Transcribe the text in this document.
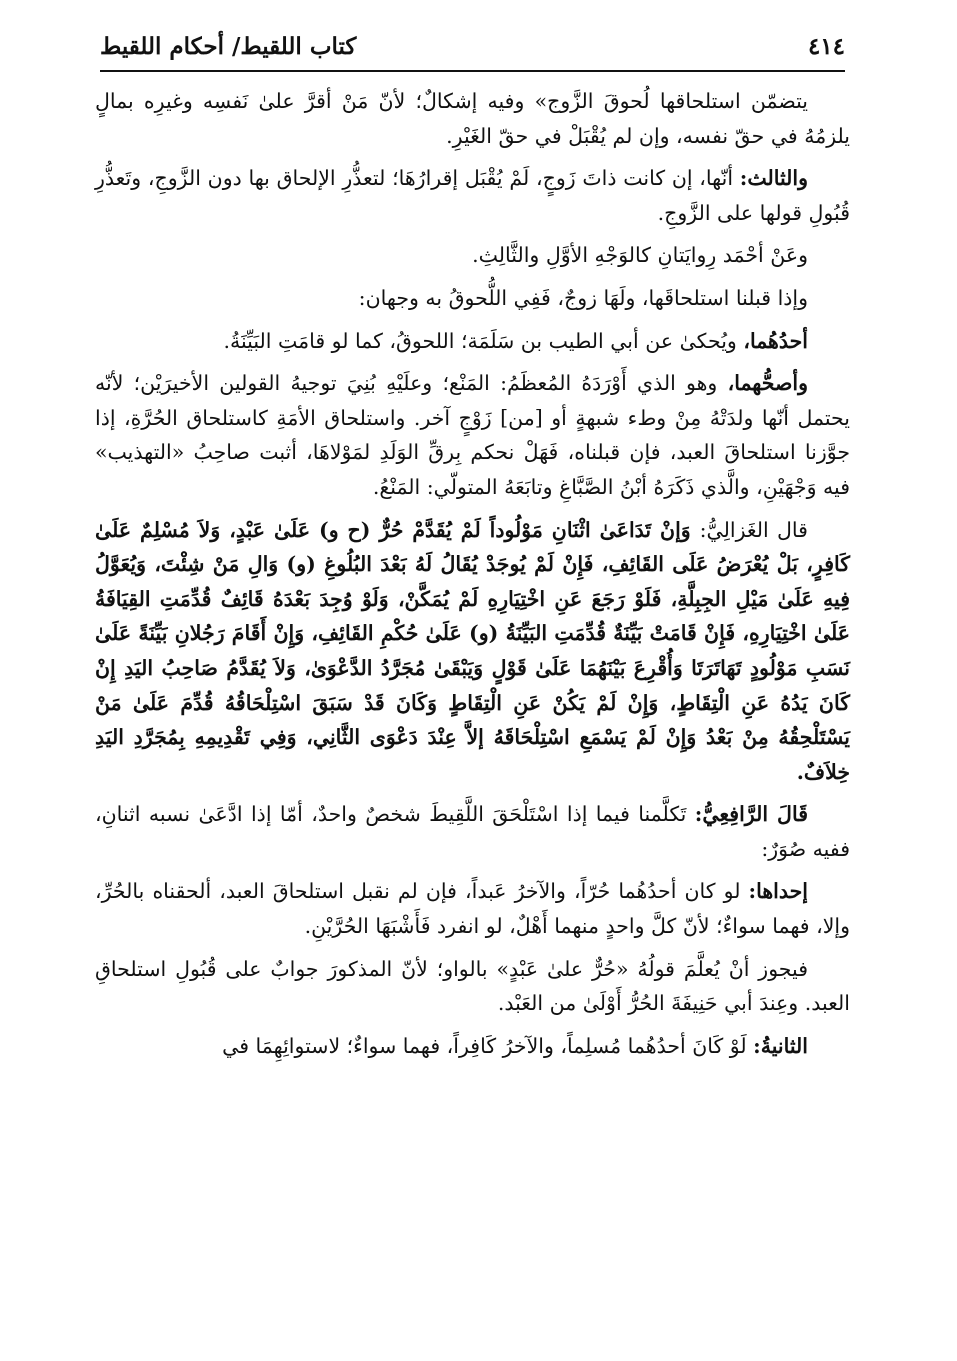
٤١٤
كتاب اللقيط/ أحكام اللقيط

يتضمّن استلحاقها لُحوقَ الزَّوج» وفيه إشكالٌ؛ لأنّ مَنْ أقرَّ علىٰ نَفسِه وغيرِه بمالٍ يلزمُهُ في حقّ نفسه، وإن لم يُقْبَلْ في حقّ الغَيْرِ.

والثالث: أنّها، إن كانت ذاتَ زَوجٍ، لَمْ يُقْبَل إقرارُهَا؛ لتعذُّرِ الإلحاق بها دون الزَّوجِ، وتَعذُّرِ قُبُولِ قولها على الزَّوجِ.

وعَنْ أحْمَد رِوايَتانِ كالوَجْهِ الأوَّلِ والثَّالِثِ.

وإذا قبلنا استلحاقَها، ولَهَا زوجٌ، فَفِي اللُّحوقُ به وجهان:

أحدُهُما، ويُحكىٰ عن أبي الطيب بن سَلَمَة؛ اللحوقُ، كما لو قامَتِ البَيِّنَةُ.

وأصحُّهما، وهو الذي أَوْرَدَهُ المُعظَمُ: المَنْع؛ وعلَيْهِ بُنِيَ توجيهُ القولين الأخيرَيْن؛ لأنّه يحتمل أنّها ولدَتْهُ مِنْ وطء شبهةٍ أو [من] زَوْجٍ آخر. واستلحاق الأمَةِ كاستلحاق الحُرَّةِ، إذا جوَّزنا استلحاقَ العبد، فإن قبلناه، فَهَلْ نحكم بِرقِّ الوَلَدِ لمَوْلاهَا، أثبت صاحِبُ «التهذيب» فيه وَجْهَيْنِ، والَّذي ذَكَرَهُ أبْنُ الصَّبَّاغِ وتابَعَهُ المتولّي: المَنْعُ.

قال الغَزالِيُّ: وَإنْ تَدَاعَىٰ اثْنَانِ مَوْلُوداً لَمْ يُقَدَّمْ حُرٌّ (ح و) عَلَىٰ عَبْدٍ، وَلاَ مُسْلِمٌ عَلَىٰ كَافِرٍ، بَلْ يُعْرَضُ عَلَى القَائِفِ، فَإِنْ لَمْ يُوجَدْ يُقَالُ لَهُ بَعْدَ البُلُوغِ (و) وَالِ مَنْ شِئْتَ، وَيُعَوَّلُ فِيهِ عَلَىٰ مَيْلِ الجِبِلَّةِ، فَلَوْ رَجَعَ عَنِ اخْتِيَارِهِ لَمْ يُمَكَّنْ، وَلَوْ وُجِدَ بَعْدَهُ قَائِفٌ قُدِّمَتِ القِيَافَةُ عَلَىٰ اخْتِيَارِهِ، فَإِنْ قَامَتْ بَيِّنَةٌ قُدِّمَتِ البَيِّنَةُ (و) عَلَىٰ حُكْمِ القَائِفِ، وَإِنْ أَقَامَ رَجُلانِ بَيِّنَةً عَلَىٰ نَسَبِ مَوْلُودٍ تَهَاتَرَتَا وَأُقْرِعَ بَيْنَهُمَا عَلَىٰ قَوْلٍ وَيَبْقَىٰ مُجَرَّدُ الدَّعْوَىٰ، وَلاَ يُقَدَّمُ صَاحِبُ اليَدِ إِنْ كَانَ يَدُهُ عَنِ الْتِقَاطٍ، وَإِنْ لَمْ يَكُنْ عَنِ الْتِقَاطٍ وَكَانَ قَدْ سَبَقَ اسْتِلْحَاقُهُ قُدِّمَ عَلَىٰ مَنْ يَسْتَلْحِقُهُ مِنْ بَعْدُ وَإِنْ لَمْ يَسْمَعِ اسْتِلْحَاقَهُ إلاَّ عِنْدَ دَعْوَى الثَّانِي، وَفِي تَقْدِيمِهِ بِمُجَرَّدِ اليَدِ خِلاَفٌ.

قَالَ الرَّافِعِيُّ: تَكلَّمنا فيما إذا اسْتَلْحَقَ اللَّقِيطَ شخصٌ واحدٌ، أمّا إذا ادَّعَىٰ نسبه اثنانِ، ففيه صُوَرٌ:

إحداها: لو كان أحدُهُما حُرّاً، والآخرُ عَبداً، فإن لم نقبل استلحاقَ العبد، ألحقناه بالحُرِّ، وإلا، فهما سواءٌ؛ لأنّ كلَّ واحدٍ منهما أَهْلٌ، لو انفرد فَأَشْبَهَا الحُرَّيْنِ.

فيجوز أنْ يُعلَّمَ قولُهُ «حُرٌّ علىٰ عَبْدٍ» بالواو؛ لأنّ المذكورَ جوابٌ على قُبُولِ استلحاقِ العبد. وعِندَ أبي حَنِيفَةَ الحُرُّ أَوْلَىٰ من العَبْد.

الثانيةُ: لَوْ كَانَ أحدُهُما مُسلِماً، والآخرُ كَافِراً، فهما سواءٌ؛ لاستوائِهِمَا في
